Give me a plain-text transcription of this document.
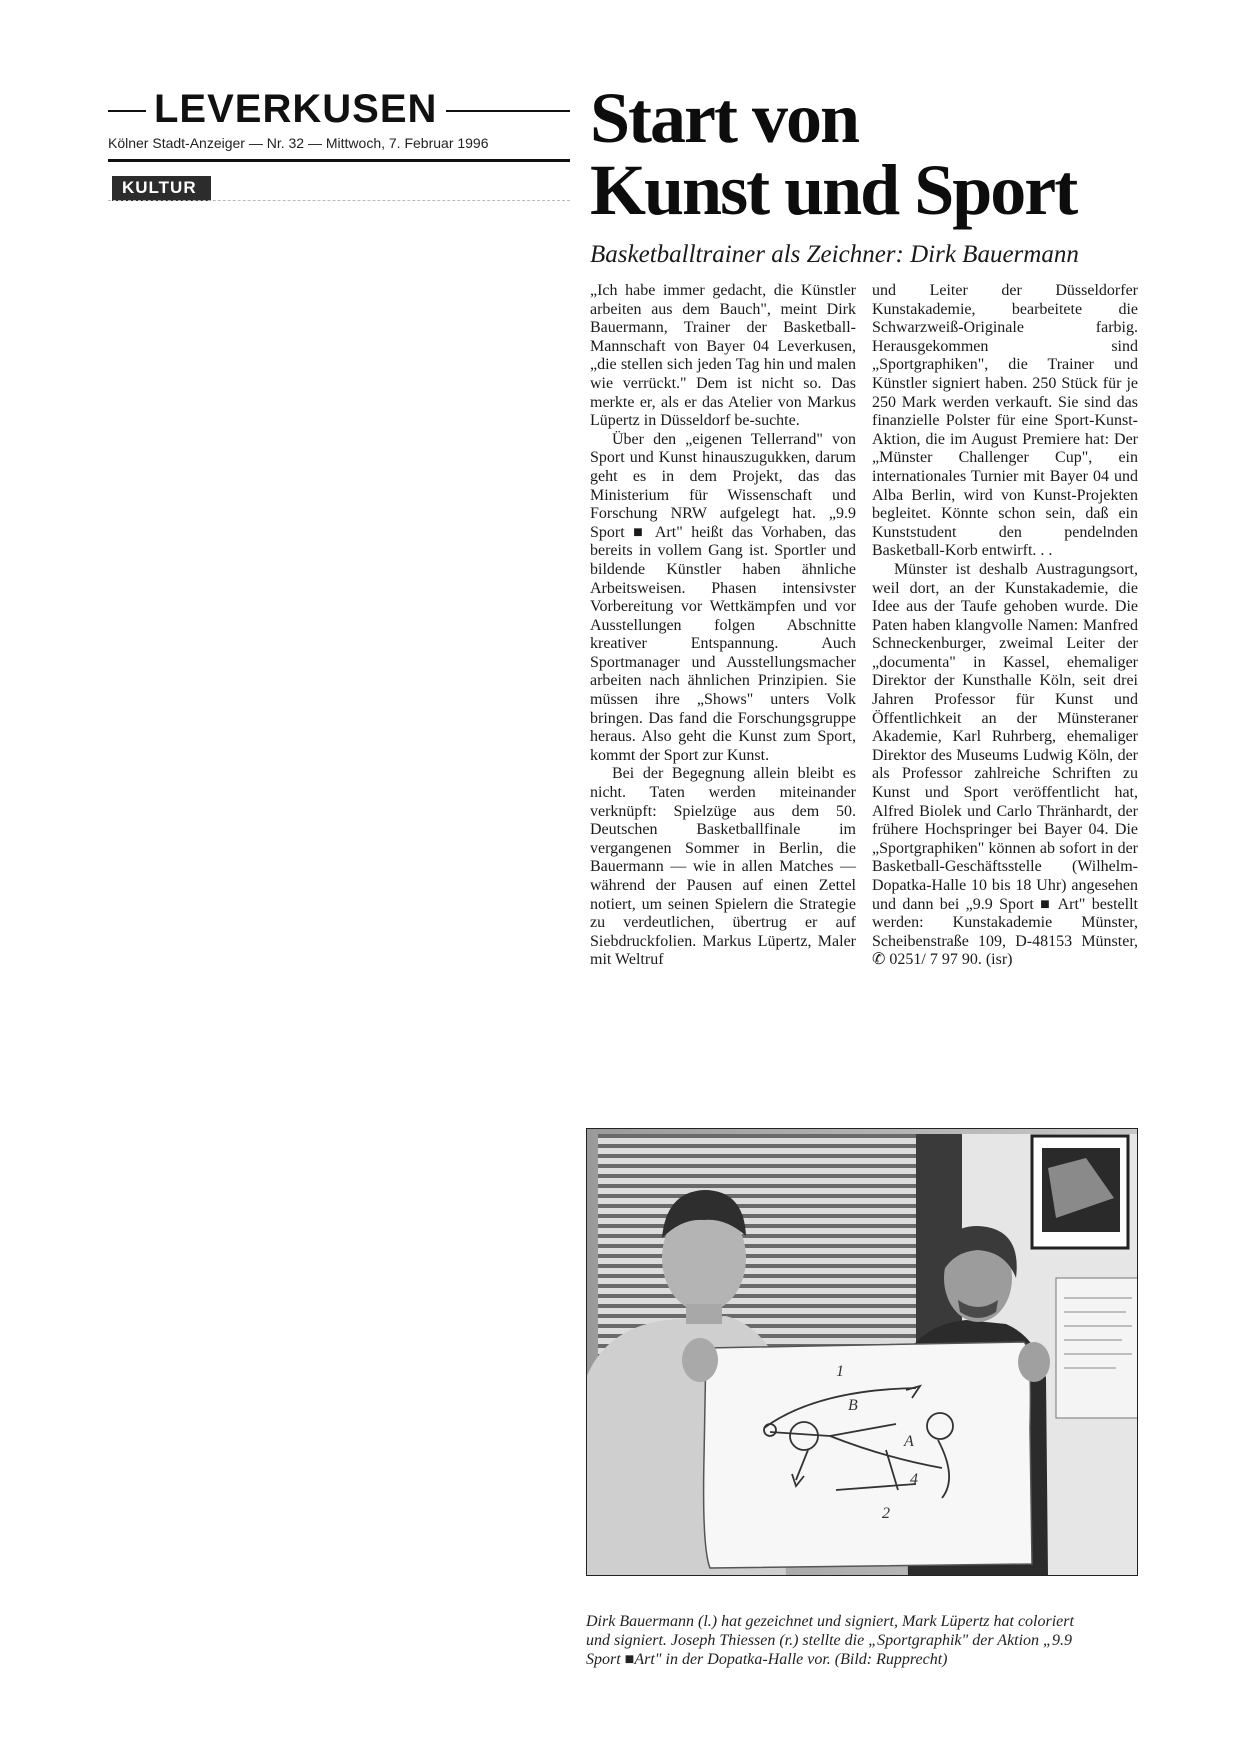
LEVERKUSEN
Kölner Stadt-Anzeiger — Nr. 32 — Mittwoch, 7. Februar 1996
KULTUR
Start von
Kunst und Sport
Basketballtrainer als Zeichner: Dirk Bauermann

„Ich habe immer gedacht, die Künstler arbeiten aus dem Bauch", meint Dirk Bauermann, Trainer der Basketball-Mannschaft von Bayer 04 Leverkusen, „die stellen sich jeden Tag hin und malen wie verrückt." Dem ist nicht so. Das merkte er, als er das Atelier von Markus Lüpertz in Düsseldorf be-suchte.

Über den „eigenen Tellerrand" von Sport und Kunst hinauszugukken, darum geht es in dem Projekt, das das Ministerium für Wissenschaft und Forschung NRW aufgelegt hat. „9.9 Sport ■ Art" heißt das Vorhaben, das bereits in vollem Gang ist. Sportler und bildende Künstler haben ähnliche Arbeitsweisen. Phasen intensivster Vorbereitung vor Wettkämpfen und vor Ausstellungen folgen Abschnitte kreativer Entspannung. Auch Sportmanager und Ausstellungsmacher arbeiten nach ähnlichen Prinzipien. Sie müssen ihre „Shows" unters Volk bringen. Das fand die Forschungsgruppe heraus. Also geht die Kunst zum Sport, kommt der Sport zur Kunst.

Bei der Begegnung allein bleibt es nicht. Taten werden miteinander verknüpft: Spielzüge aus dem 50. Deutschen Basketballfinale im vergangenen Sommer in Berlin, die Bauermann — wie in allen Matches — während der Pausen auf einen Zettel notiert, um seinen Spielern die Strategie zu verdeutlichen, übertrug er auf Siebdruckfolien. Markus Lüpertz, Maler mit Weltruf

und Leiter der Düsseldorfer Kunstakademie, bearbeitete die Schwarzweiß-Originale farbig. Herausgekommen sind „Sportgraphiken", die Trainer und Künstler signiert haben. 250 Stück für je 250 Mark werden verkauft. Sie sind das finanzielle Polster für eine Sport-Kunst-Aktion, die im August Premiere hat: Der „Münster Challenger Cup", ein internationales Turnier mit Bayer 04 und Alba Berlin, wird von Kunst-Projekten begleitet. Könnte schon sein, daß ein Kunststudent den pendelnden Basketball-Korb entwirft. . .

Münster ist deshalb Austragungsort, weil dort, an der Kunstakademie, die Idee aus der Taufe gehoben wurde. Die Paten haben klangvolle Namen: Manfred Schneckenburger, zweimal Leiter der „documenta" in Kassel, ehemaliger Direktor der Kunsthalle Köln, seit drei Jahren Professor für Kunst und Öffentlichkeit an der Münsteraner Akademie, Karl Ruhrberg, ehemaliger Direktor des Museums Ludwig Köln, der als Professor zahlreiche Schriften zu Kunst und Sport veröffentlicht hat, Alfred Biolek und Carlo Thränhardt, der frühere Hochspringer bei Bayer 04. Die „Sportgraphiken" können ab sofort in der Basketball-Geschäftsstelle (Wilhelm-Dopatka-Halle 10 bis 18 Uhr) angesehen und dann bei „9.9 Sport ■ Art" bestellt werden: Kunstakademie Münster, Scheibenstraße 109, D-48153 Münster, ✆ 0251/ 7 97 90. (isr)

1
B
A
4
2
Dirk Bauermann (l.) hat gezeichnet und signiert, Mark Lüpertz hat coloriert und signiert. Joseph Thiessen (r.) stellte die „Sportgraphik" der Aktion „9.9 Sport ■Art" in der Dopatka-Halle vor. (Bild: Rupprecht)
